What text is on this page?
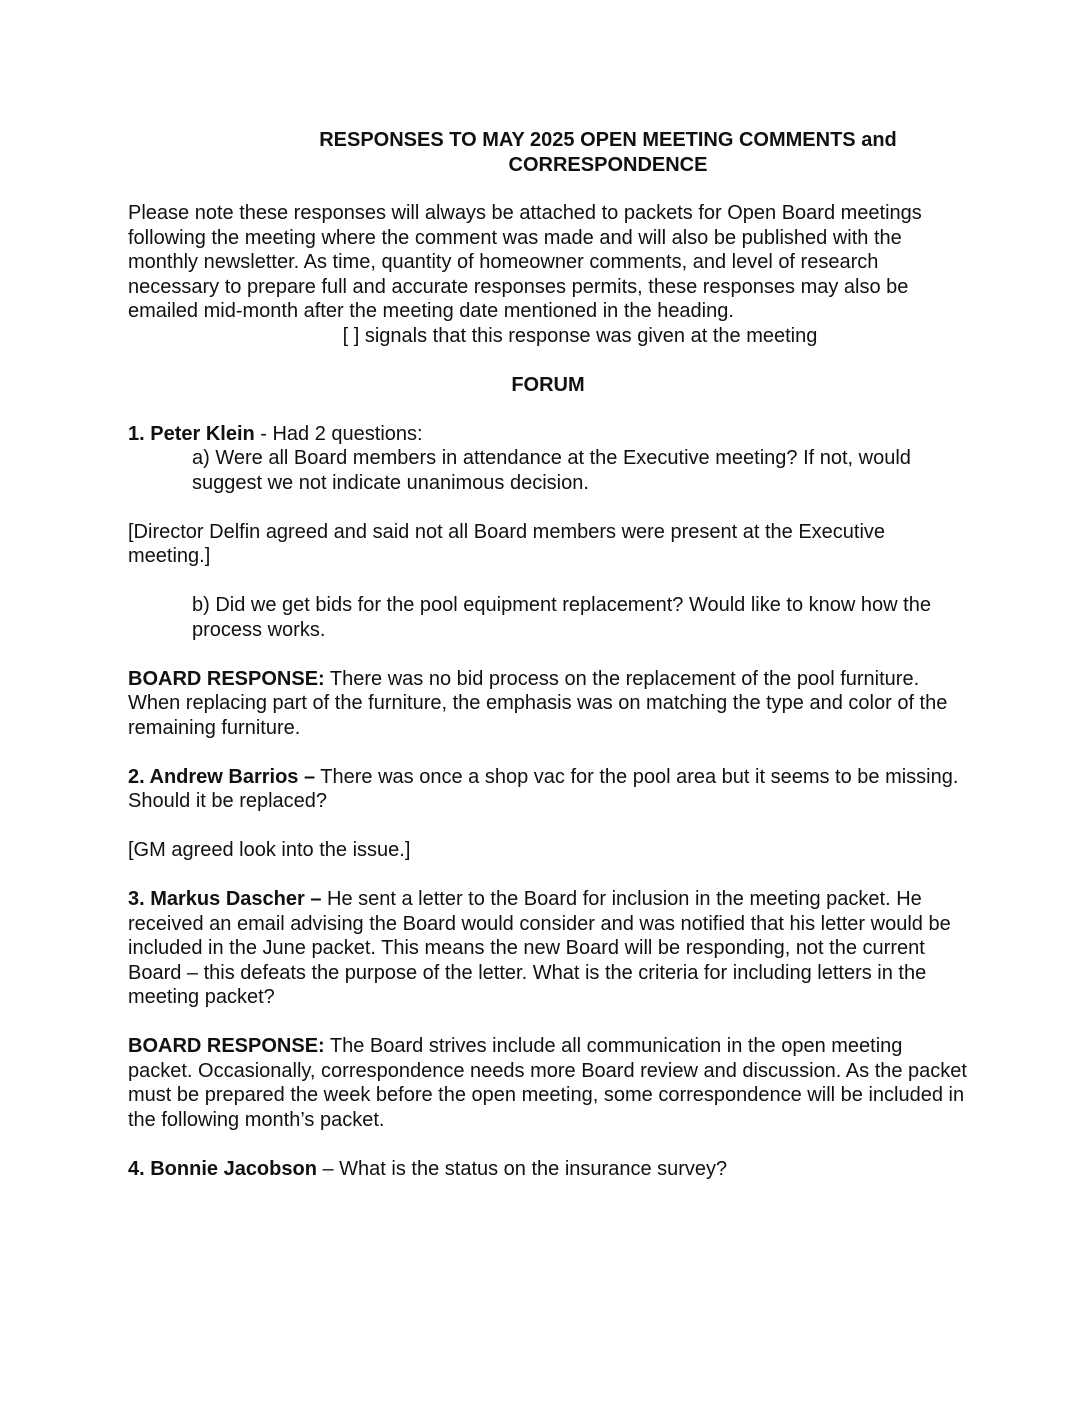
RESPONSES TO MAY 2025 OPEN MEETING COMMENTS and
CORRESPONDENCE

Please note these responses will always be attached to packets for Open Board meetings following the meeting where the comment was made and will also be published with the monthly newsletter. As time, quantity of homeowner comments, and level of research necessary to prepare full and accurate responses permits, these responses may also be emailed mid-month after the meeting date mentioned in the heading.

[ ] signals that this response was given at the meeting

FORUM

1. Peter Klein - Had 2 questions:

a) Were all Board members in attendance at the Executive meeting? If not, would suggest we not indicate unanimous decision.

[Director Delfin agreed and said not all Board members were present at the Executive meeting.]

b) Did we get bids for the pool equipment replacement? Would like to know how the process works.

BOARD RESPONSE: There was no bid process on the replacement of the pool furniture. When replacing part of the furniture, the emphasis was on matching the type and color of the remaining furniture.

2. Andrew Barrios – There was once a shop vac for the pool area but it seems to be missing. Should it be replaced?

[GM agreed look into the issue.]

3. Markus Dascher – He sent a letter to the Board for inclusion in the meeting packet. He received an email advising the Board would consider and was notified that his letter would be included in the June packet. This means the new Board will be responding, not the current Board – this defeats the purpose of the letter. What is the criteria for including letters in the meeting packet?

BOARD RESPONSE: The Board strives include all communication in the open meeting packet. Occasionally, correspondence needs more Board review and discussion. As the packet must be prepared the week before the open meeting, some correspondence will be included in the following month’s packet.

4. Bonnie Jacobson – What is the status on the insurance survey?
